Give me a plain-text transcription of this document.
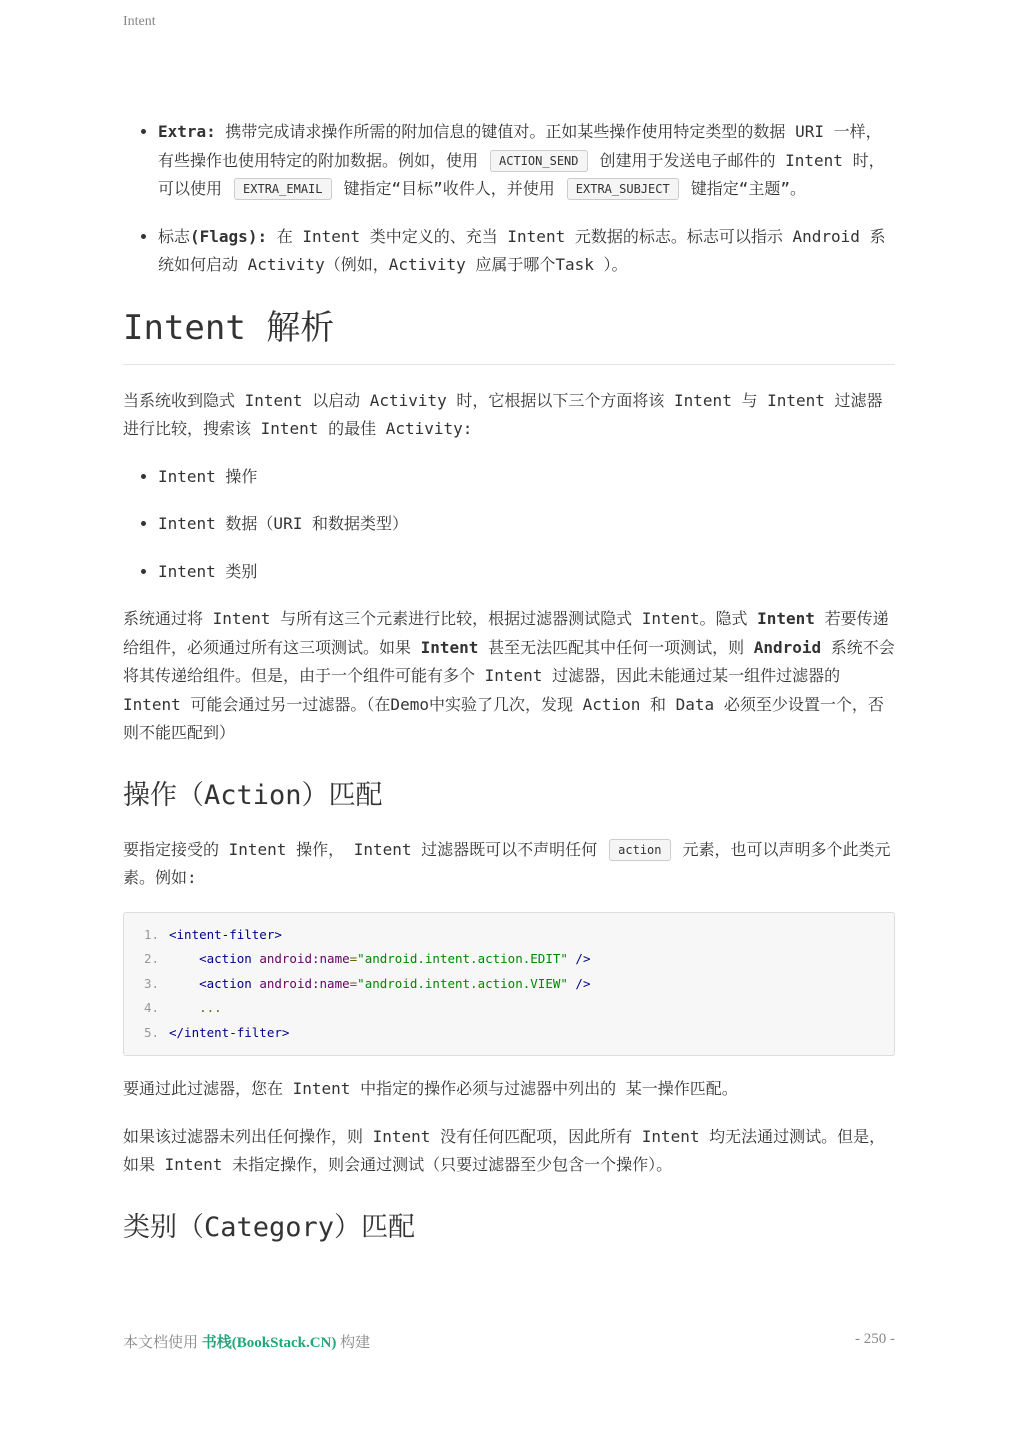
Intent
• Extra: 携带完成请求操作所需的附加信息的键值对。正如某些操作使用特定类型的数据 URI 一样，有些操作也使用特定的附加数据。例如，使用 ACTION_SEND 创建用于发送电子邮件的 Intent 时，可以使用 EXTRA_EMAIL 键指定“目标”收件人，并使用 EXTRA_SUBJECT 键指定“主题”。
• 标志(Flags): 在 Intent 类中定义的、充当 Intent 元数据的标志。标志可以指示 Android 系统如何启动 Activity（例如，Activity 应属于哪个Task ）。
Intent 解析

当系统收到隐式 Intent 以启动 Activity 时，它根据以下三个方面将该 Intent 与 Intent 过滤器进行比较，搜索该 Intent 的最佳 Activity:

• Intent 操作
• Intent 数据（URI 和数据类型）
• Intent 类别

系统通过将 Intent 与所有这三个元素进行比较，根据过滤器测试隐式 Intent。隐式 Intent 若要传递给组件，必须通过所有这三项测试。如果 Intent 甚至无法匹配其中任何一项测试，则 Android 系统不会将其传递给组件。但是，由于一个组件可能有多个 Intent 过滤器，因此未能通过某一组件过滤器的 Intent 可能会通过另一过滤器。（在Demo中实验了几次，发现 Action 和 Data 必须至少设置一个，否则不能匹配到）

操作（Action）匹配

要指定接受的 Intent 操作， Intent 过滤器既可以不声明任何 action 元素，也可以声明多个此类元素。例如:

1. <intent-filter>
2.	<action android:name="android.intent.action.EDIT" />
3.	<action android:name="android.intent.action.VIEW" />
4.	...
5. </intent-filter>

要通过此过滤器，您在 Intent 中指定的操作必须与过滤器中列出的 某一操作匹配。

如果该过滤器未列出任何操作，则 Intent 没有任何匹配项，因此所有 Intent 均无法通过测试。但是，如果 Intent 未指定操作，则会通过测试（只要过滤器至少包含一个操作）。

类别（Category）匹配
本文档使用 书栈(BookStack.CN) 构建	- 250 -
